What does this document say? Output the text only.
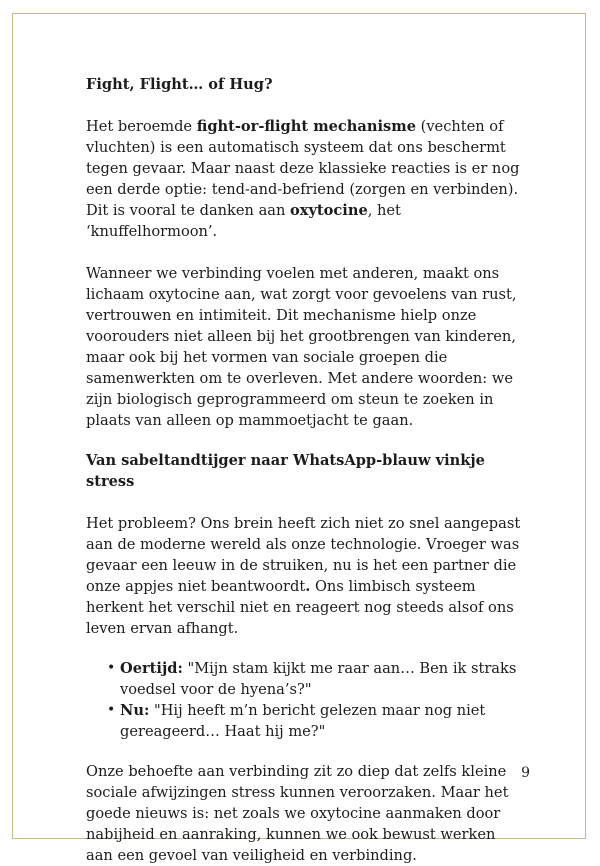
Fight, Flight… of Hug?

Het beroemde fight-or-flight mechanisme (vechten of vluchten) is een automatisch systeem dat ons beschermt tegen gevaar. Maar naast deze klassieke reacties is er nog een derde optie: tend-and-befriend (zorgen en verbinden). Dit is vooral te danken aan oxytocine, het ‘knuffelhormoon’.

Wanneer we verbinding voelen met anderen, maakt ons lichaam oxytocine aan, wat zorgt voor gevoelens van rust, vertrouwen en intimiteit. Dit mechanisme hielp onze voorouders niet alleen bij het grootbrengen van kinderen, maar ook bij het vormen van sociale groepen die samenwerkten om te overleven. Met andere woorden: we zijn biologisch geprogrammeerd om steun te zoeken in plaats van alleen op mammoetjacht te gaan.

Van sabeltandtijger naar WhatsApp-blauw vinkje stress

Het probleem? Ons brein heeft zich niet zo snel aangepast aan de moderne wereld als onze technologie. Vroeger was gevaar een leeuw in de struiken, nu is het een partner die onze appjes niet beantwoordt. Ons limbisch systeem herkent het verschil niet en reageert nog steeds alsof ons leven ervan afhangt.

• Oertijd: "Mijn stam kijkt me raar aan… Ben ik straks voedsel voor de hyena’s?"
• Nu: "Hij heeft m’n bericht gelezen maar nog niet gereageerd… Haat hij me?"

Onze behoefte aan verbinding zit zo diep dat zelfs kleine sociale afwijzingen stress kunnen veroorzaken. Maar het goede nieuws is: net zoals we oxytocine aanmaken door nabijheid en aanraking, kunnen we ook bewust werken aan een gevoel van veiligheid en verbinding.

9
